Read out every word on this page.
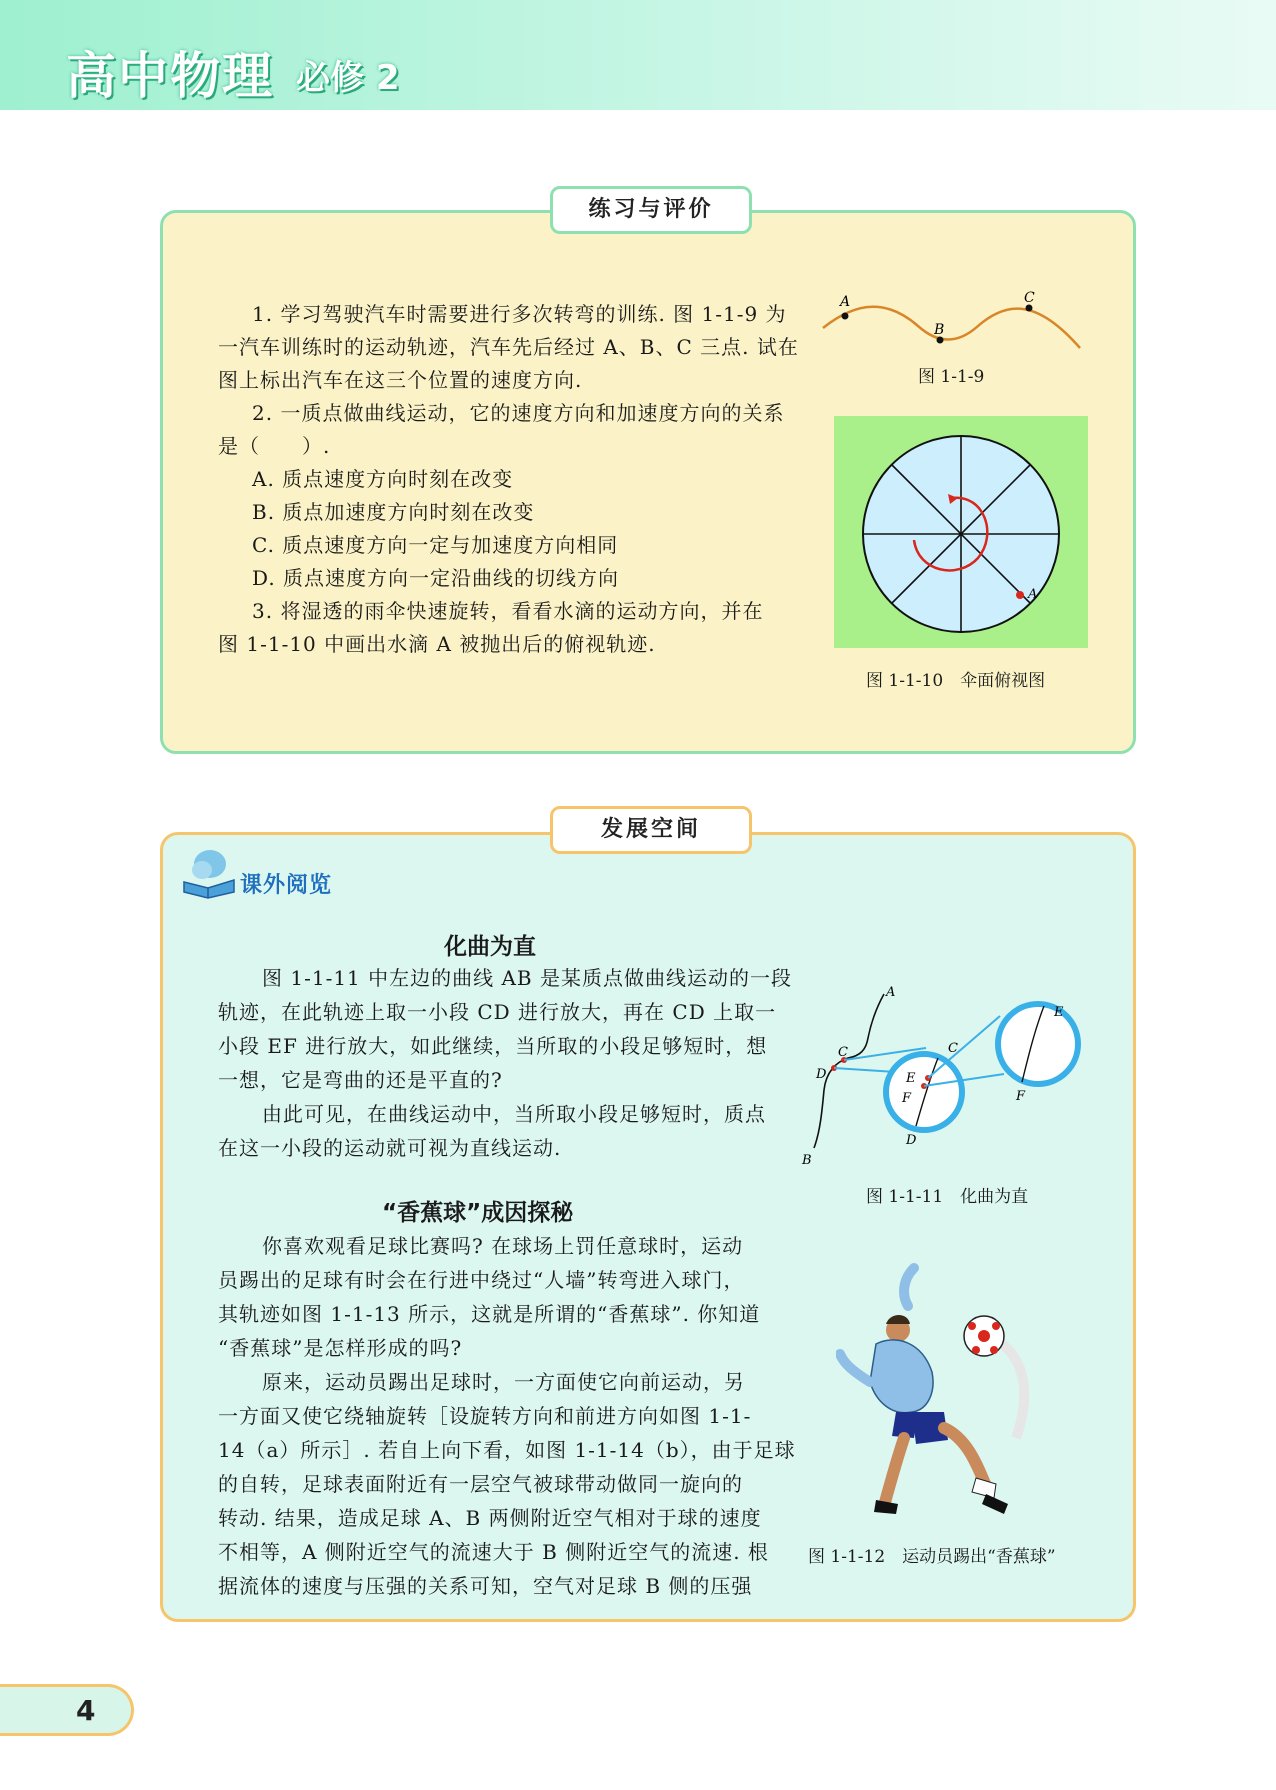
高中物理 必修 2
练习与评价
1. 学习驾驶汽车时需要进行多次转弯的训练. 图 1-1-9 为
一汽车训练时的运动轨迹，汽车先后经过 A、B、C 三点. 试在
图上标出汽车在这三个位置的速度方向.
2. 一质点做曲线运动，它的速度方向和加速度方向的关系
是（　　）.
A. 质点速度方向时刻在改变
B. 质点加速度方向时刻在改变
C. 质点速度方向一定与加速度方向相同
D. 质点速度方向一定沿曲线的切线方向
3. 将湿透的雨伞快速旋转，看看水滴的运动方向，并在
图 1-1-10 中画出水滴 A 被抛出后的俯视轨迹.
A
B
C
图 1-1-9
A
图 1-1-10　伞面俯视图
发展空间
课外阅览
化曲为直
图 1-1-11 中左边的曲线 AB 是某质点做曲线运动的一段
轨迹，在此轨迹上取一小段 CD 进行放大，再在 CD 上取一
小段 EF 进行放大，如此继续，当所取的小段足够短时，想
一想，它是弯曲的还是平直的?
由此可见，在曲线运动中，当所取小段足够短时，质点
在这一小段的运动就可视为直线运动.
A
B
C
D
C
E
F
D
E
F
图 1-1-11　化曲为直
“香蕉球”成因探秘
你喜欢观看足球比赛吗? 在球场上罚任意球时，运动
员踢出的足球有时会在行进中绕过“人墙”转弯进入球门，
其轨迹如图 1-1-13 所示，这就是所谓的“香蕉球”. 你知道
“香蕉球”是怎样形成的吗?
原来，运动员踢出足球时，一方面使它向前运动，另
一方面又使它绕轴旋转［设旋转方向和前进方向如图 1-1-
14（a）所示］. 若自上向下看，如图 1-1-14（b），由于足球
的自转，足球表面附近有一层空气被球带动做同一旋向的
转动. 结果，造成足球 A、B 两侧附近空气相对于球的速度
不相等，A 侧附近空气的流速大于 B 侧附近空气的流速. 根
据流体的速度与压强的关系可知，空气对足球 B 侧的压强
图 1-1-12　运动员踢出“香蕉球”
4
